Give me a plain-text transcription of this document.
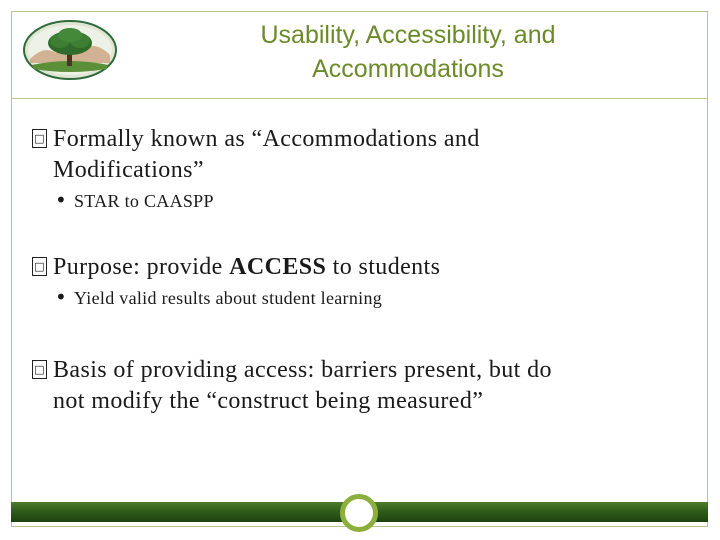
Usability, Accessibility, and
Accommodations
□ Formally known as “Accommodations and
Modifications”
• STAR to CAASPP
□ Purpose: provide ACCESS to students
• Yield valid results about student learning
□ Basis of providing access: barriers present, but do
not modify the “construct being measured”
